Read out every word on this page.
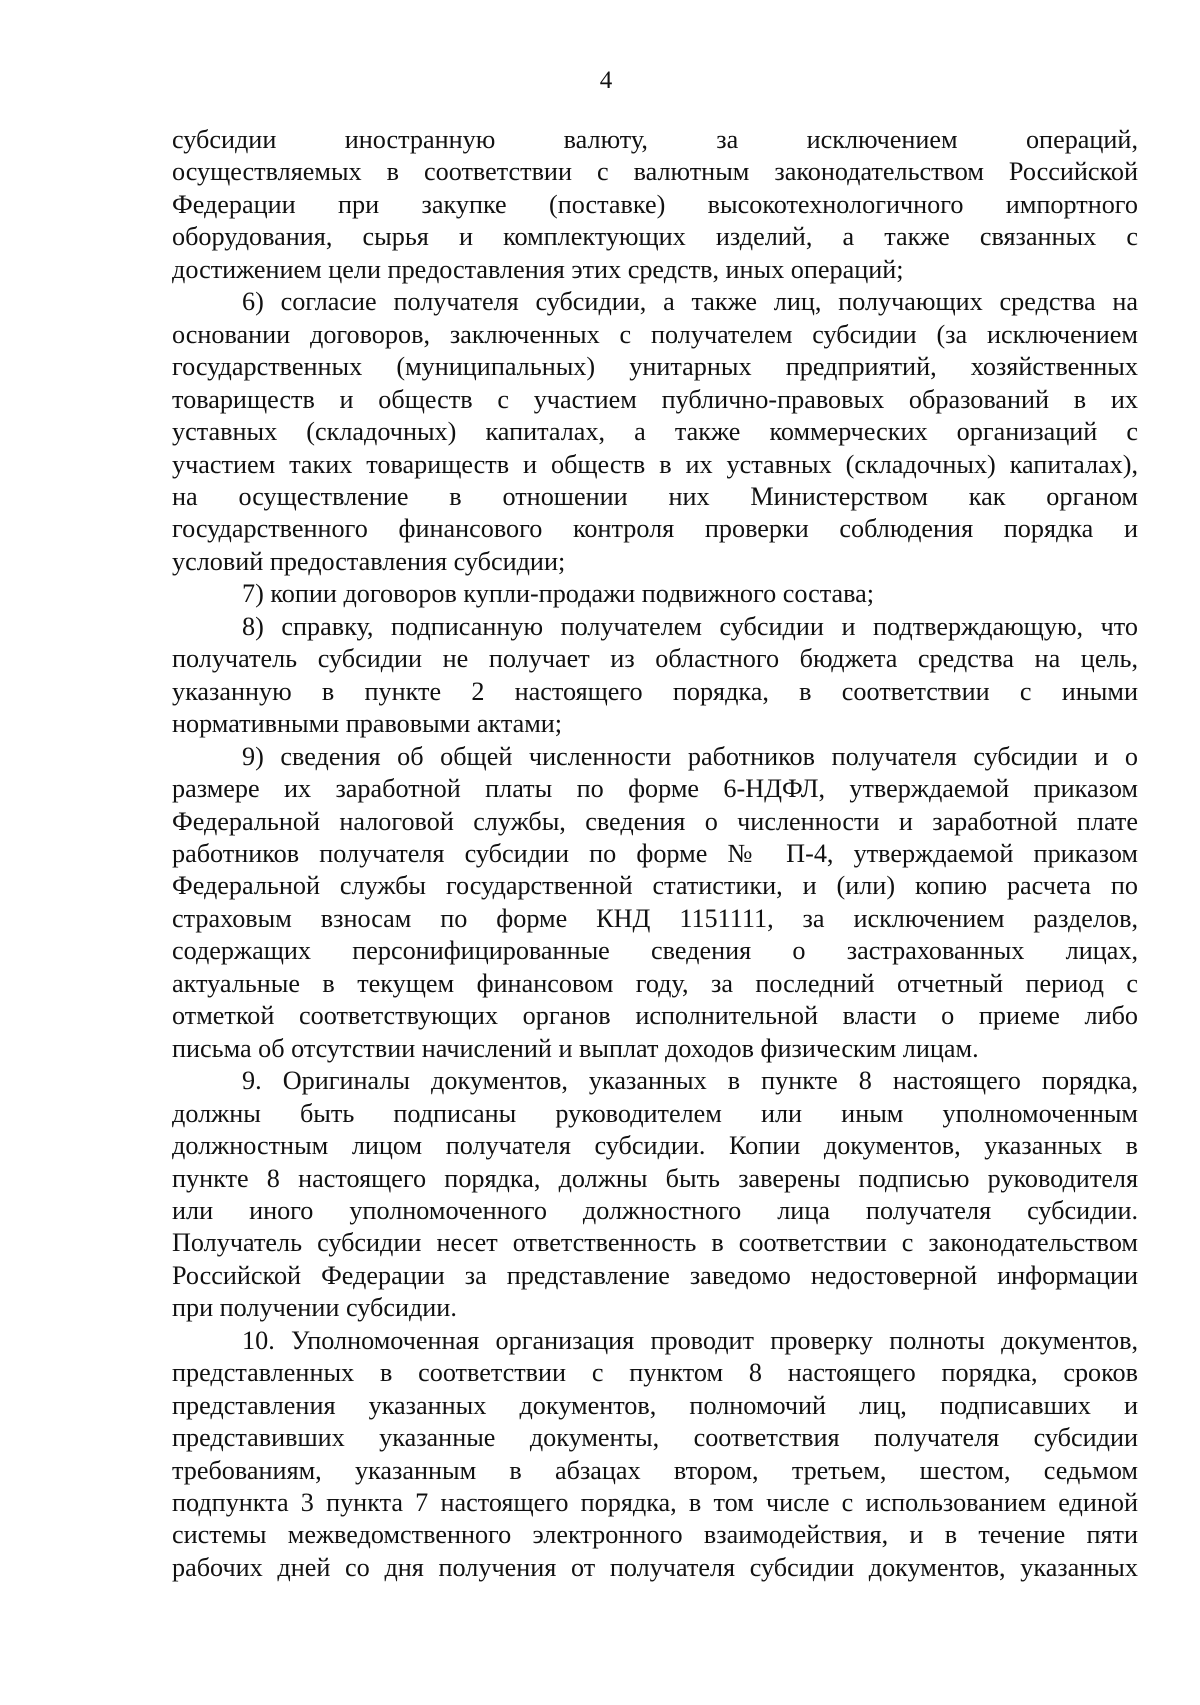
4
субсидии иностранную валюту, за исключением операций,
осуществляемых в соответствии с валютным законодательством Российской
Федерации при закупке (поставке) высокотехнологичного импортного
оборудования, сырья и комплектующих изделий, а также связанных с
достижением цели предоставления этих средств, иных операций;
6) согласие получателя субсидии, а также лиц, получающих средства на
основании договоров, заключенных с получателем субсидии (за исключением
государственных (муниципальных) унитарных предприятий, хозяйственных
товариществ и обществ с участием публично-правовых образований в их
уставных (складочных) капиталах, а также коммерческих организаций с
участием таких товариществ и обществ в их уставных (складочных) капиталах),
на осуществление в отношении них Министерством как органом
государственного финансового контроля проверки соблюдения порядка и
условий предоставления субсидии;
7) копии договоров купли-продажи подвижного состава;
8) справку, подписанную получателем субсидии и подтверждающую, что
получатель субсидии не получает из областного бюджета средства на цель,
указанную в пункте 2 настоящего порядка, в соответствии с иными
нормативными правовыми актами;
9) сведения об общей численности работников получателя субсидии и о
размере их заработной платы по форме 6-НДФЛ, утверждаемой приказом
Федеральной налоговой службы, сведения о численности и заработной плате
работников получателя субсидии по форме № П-4, утверждаемой приказом
Федеральной службы государственной статистики, и (или) копию расчета по
страховым взносам по форме КНД 1151111, за исключением разделов,
содержащих персонифицированные сведения о застрахованных лицах,
актуальные в текущем финансовом году, за последний отчетный период с
отметкой соответствующих органов исполнительной власти о приеме либо
письма об отсутствии начислений и выплат доходов физическим лицам.
9. Оригиналы документов, указанных в пункте 8 настоящего порядка,
должны быть подписаны руководителем или иным уполномоченным
должностным лицом получателя субсидии. Копии документов, указанных в
пункте 8 настоящего порядка, должны быть заверены подписью руководителя
или иного уполномоченного должностного лица получателя субсидии.
Получатель субсидии несет ответственность в соответствии с законодательством
Российской Федерации за представление заведомо недостоверной информации
при получении субсидии.
10. Уполномоченная организация проводит проверку полноты документов,
представленных в соответствии с пунктом 8 настоящего порядка, сроков
представления указанных документов, полномочий лиц, подписавших и
представивших указанные документы, соответствия получателя субсидии
требованиям, указанным в абзацах втором, третьем, шестом, седьмом
подпункта 3 пункта 7 настоящего порядка, в том числе с использованием единой
системы межведомственного электронного взаимодействия, и в течение пяти
рабочих дней со дня получения от получателя субсидии документов, указанных
